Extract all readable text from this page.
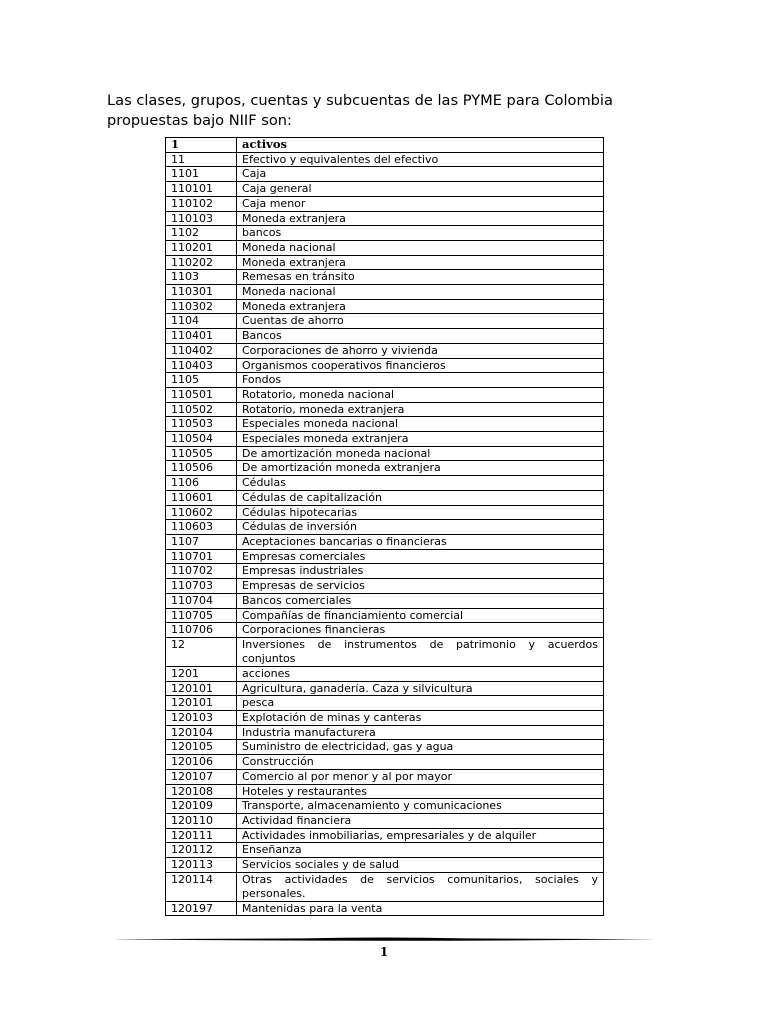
Las clases, grupos, cuentas y subcuentas de las PYME para Colombia propuestas bajo NIIF son:

1	activos
11	Efectivo y equivalentes del efectivo
1101	Caja
110101	Caja general
110102	Caja menor
110103	Moneda extranjera
1102	bancos
110201	Moneda nacional
110202	Moneda extranjera
1103	Remesas en tránsito
110301	Moneda nacional
110302	Moneda extranjera
1104	Cuentas de ahorro
110401	Bancos
110402	Corporaciones de ahorro y vivienda
110403	Organismos cooperativos financieros
1105	Fondos
110501	Rotatorio, moneda nacional
110502	Rotatorio, moneda extranjera
110503	Especiales moneda nacional
110504	Especiales moneda extranjera
110505	De amortización moneda nacional
110506	De amortización moneda extranjera
1106	Cédulas
110601	Cédulas de capitalización
110602	Cédulas hipotecarias
110603	Cédulas de inversión
1107	Aceptaciones bancarias o financieras
110701	Empresas comerciales
110702	Empresas industriales
110703	Empresas de servicios
110704	Bancos comerciales
110705	Compañías de financiamiento comercial
110706	Corporaciones financieras
12	Inversiones de instrumentos de patrimonio y acuerdos conjuntos
1201	acciones
120101	Agricultura, ganadería. Caza y silvicultura
120101	pesca
120103	Explotación de minas y canteras
120104	Industria manufacturera
120105	Suministro de electricidad, gas y agua
120106	Construcción
120107	Comercio al por menor y al por mayor
120108	Hoteles y restaurantes
120109	Transporte, almacenamiento y comunicaciones
120110	Actividad financiera
120111	Actividades inmobiliarias, empresariales y de alquiler
120112	Enseñanza
120113	Servicios sociales y de salud
120114	Otras actividades de servicios comunitarios, sociales y personales.
120197	Mantenidas para la venta
1
